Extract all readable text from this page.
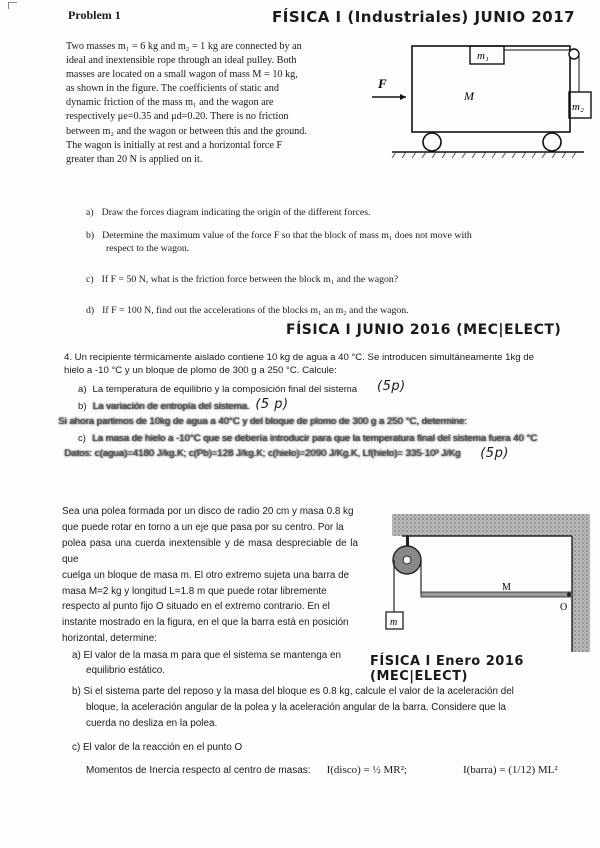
Problem 1	FÍSICA I (Industriales) JUNIO 2017
Two masses m₁ = 6 kg and m₂ = 1 kg are connected by an
ideal and inextensible rope through an ideal pulley. Both
masses are located on a small wagon of mass M = 10 kg,
as shown in the figure. The coefficients of static and
dynamic friction of the mass m₁ and the wagon are
respectively μe=0.35 and μd=0.20. There is no friction
between m₂ and the wagon or between this and the ground.
The wagon is initially at rest and a horizontal force F
greater than 20 N is applied on it.
m₁
m₂
M
F
a) Draw the forces diagram indicating the origin of the different forces.
b) Determine the maximum value of the force F so that the block of mass m₁ does not move with
respect to the wagon.
c) If F = 50 N, what is the friction force between the block m₁ and the wagon?
d) If F = 100 N, find out the accelerations of the blocks m₁ an m₂ and the wagon.
FÍSICA I JUNIO 2016 (MEC|ELECT)
4. Un recipiente térmicamente aislado contiene 10 kg de agua a 40 °C. Se introducen simultáneamente 1kg de
hielo a -10 °C y un bloque de plomo de 300 g a 250 °C. Calcule:
a) La temperatura de equilibrio y la composición final del sistema (5p)
b) La variación de entropía del sistema. (5 p)
Si ahora partimos de 10kg de agua a 40°C y del bloque de plomo de 300 g a 250 °C, determine:
c) La masa de hielo a -10°C que se debería introducir para que la temperatura final del sistema fuera 40 °C
Datos: c(agua)=4180 J/kg.K; c(Pb)=128 J/kg.K; c(hielo)=2090 J/Kg.K, Lf(hielo)= 335·10³ J/Kg (5p)
Sea una polea formada por un disco de radio 20 cm y masa 0.8 kg
que puede rotar en torno a un eje que pasa por su centro. Por la
polea pasa una cuerda inextensible y de masa despreciable de la que
cuelga un bloque de masa m. El otro extremo sujeta una barra de
masa M=2 kg y longitud L=1.8 m que puede rotar libremente
respecto al punto fijo O situado en el extremo contrario. En el
instante mostrado en la figura, en el que la barra está en posición
horizontal, determine:
m
M
O
a) El valor de la masa m para que el sistema se mantenga en
equilibrio estático.
FÍSICA I Enero 2016 (MEC|ELECT)
b) Si el sistema parte del reposo y la masa del bloque es 0.8 kg, calcule el valor de la aceleración del
bloque, la aceleración angular de la polea y la aceleración angular de la barra. Considere que la
cuerda no desliza en la polea.
c) El valor de la reacción en el punto O
Momentos de Inercia respecto al centro de masas: I(disco) = ½ MR²;	I(barra) = (1/12) ML²
